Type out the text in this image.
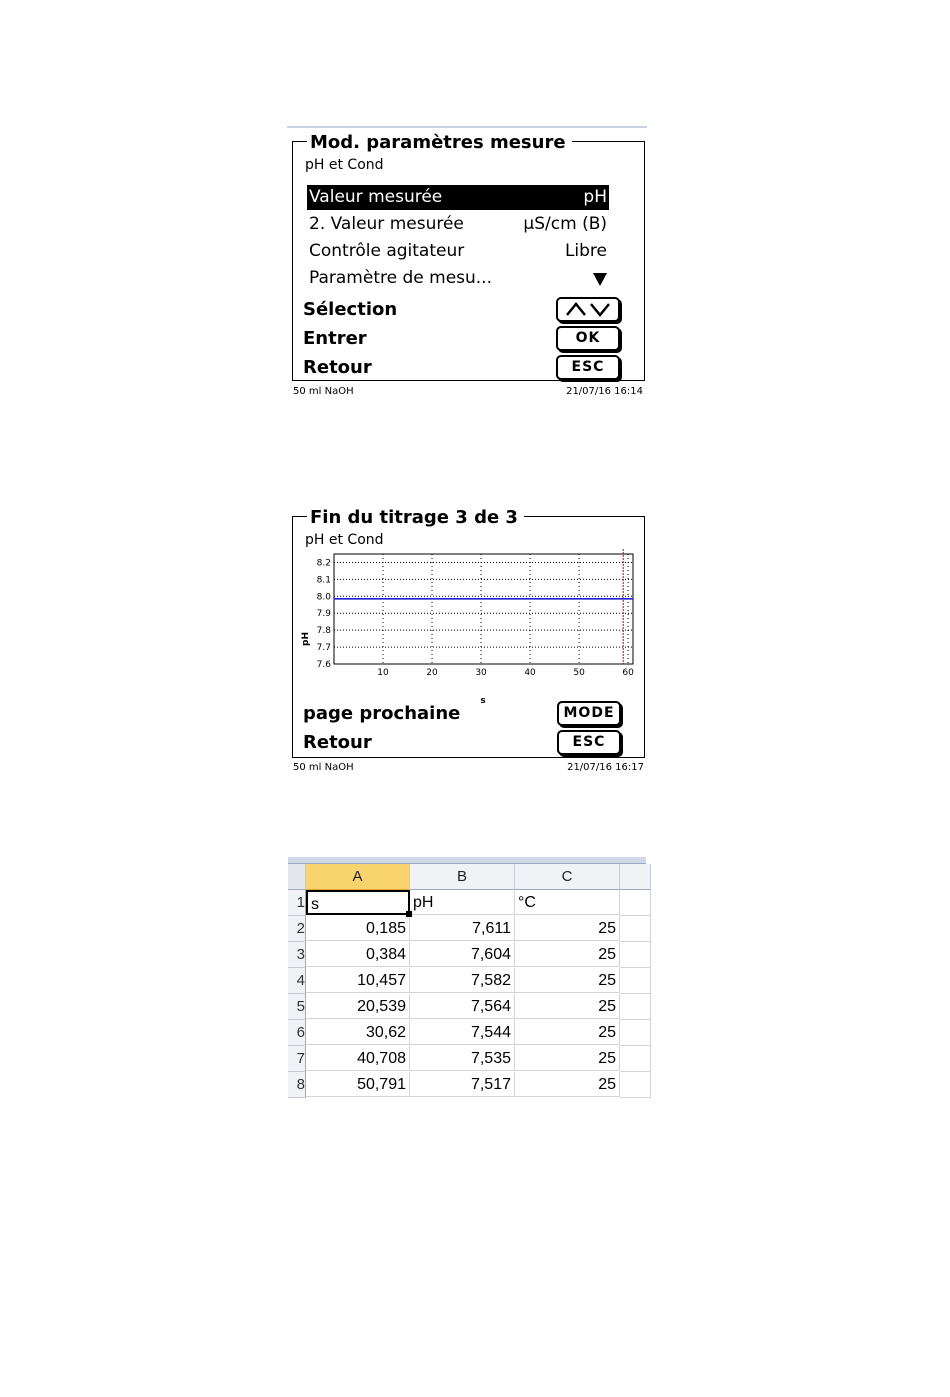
Mod. paramètres mesure
pH et Cond
Valeur mesurée	pH
2. Valeur mesurée	µS/cm (B)
Contrôle agitateur	Libre
Paramètre de mesu...
Sélection
Entrer	OK
Retour	ESC
50 ml NaOH	21/07/16 16:14
Fin du titrage 3 de 3
pH et Cond
pH
s
8.2
8.1
8.0
7.9
7.8
7.7
7.6
10	20	30	40	50	60
page prochaine	MODE
Retour	ESC
50 ml NaOH	21/07/16 16:17
A	B	C
1 s	pH	°C
2	0,185	7,611	25
3	0,384	7,604	25
4	10,457	7,582	25
5	20,539	7,564	25
6	30,62	7,544	25
7	40,708	7,535	25
8	50,791	7,517	25
